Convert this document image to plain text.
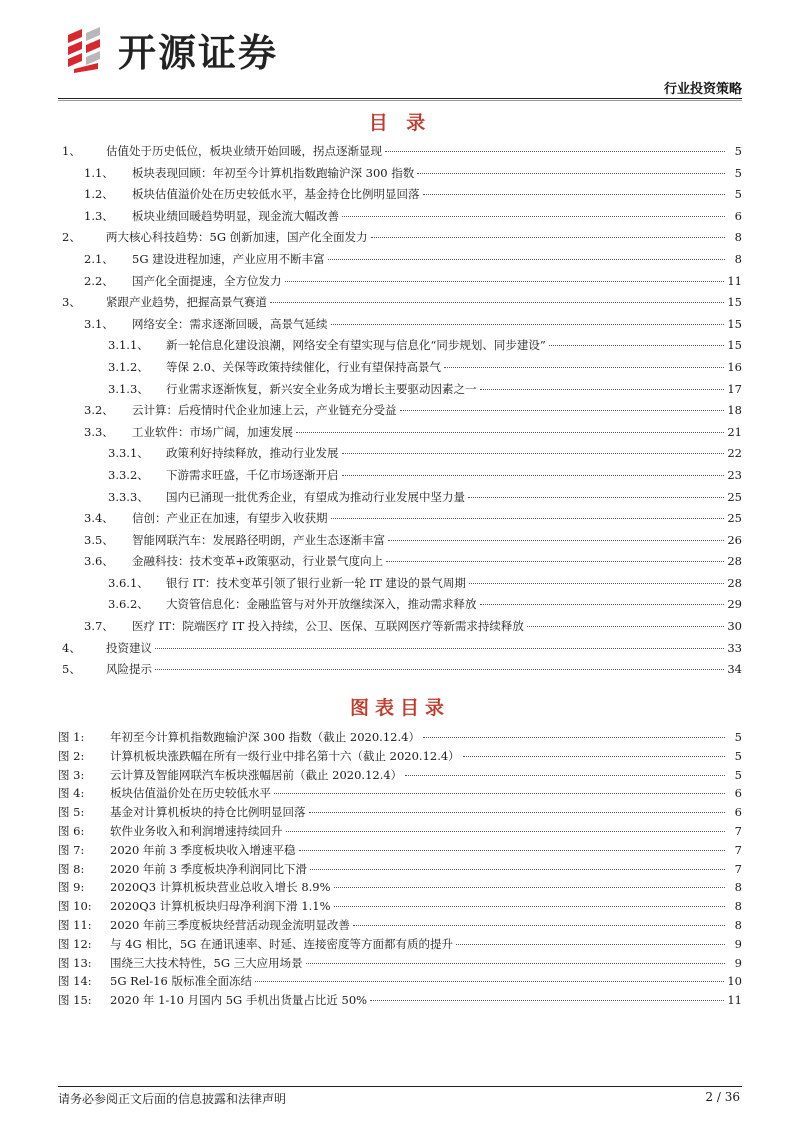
开源证券
行业投资策略
目 录
1、	估值处于历史低位，板块业绩开始回暖，拐点逐渐显现	5
1.1、	板块表现回顾：年初至今计算机指数跑输沪深 300 指数	5
1.2、	板块估值溢价处在历史较低水平，基金持仓比例明显回落	5
1.3、	板块业绩回暖趋势明显，现金流大幅改善	6
2、	两大核心科技趋势：5G 创新加速，国产化全面发力	8
2.1、	5G 建设进程加速，产业应用不断丰富	8
2.2、	国产化全面提速，全方位发力	11
3、	紧跟产业趋势，把握高景气赛道	15
3.1、	网络安全：需求逐渐回暖，高景气延续	15
3.1.1、	新一轮信息化建设浪潮，网络安全有望实现与信息化“同步规划、同步建设”	15
3.1.2、	等保 2.0、关保等政策持续催化，行业有望保持高景气	16
3.1.3、	行业需求逐渐恢复，新兴安全业务成为增长主要驱动因素之一	17
3.2、	云计算：后疫情时代企业加速上云，产业链充分受益	18
3.3、	工业软件：市场广阔，加速发展	21
3.3.1、	政策利好持续释放，推动行业发展	22
3.3.2、	下游需求旺盛，千亿市场逐渐开启	23
3.3.3、	国内已涌现一批优秀企业，有望成为推动行业发展中坚力量	25
3.4、	信创：产业正在加速，有望步入收获期	25
3.5、	智能网联汽车：发展路径明朗，产业生态逐渐丰富	26
3.6、	金融科技：技术变革+政策驱动，行业景气度向上	28
3.6.1、	银行 IT：技术变革引领了银行业新一轮 IT 建设的景气周期	28
3.6.2、	大资管信息化：金融监管与对外开放继续深入，推动需求释放	29
3.7、	医疗 IT：院端医疗 IT 投入持续，公卫、医保、互联网医疗等新需求持续释放	30
4、	投资建议	33
5、	风险提示	34
图表目录
图 1:	年初至今计算机指数跑输沪深 300 指数（截止 2020.12.4）	5
图 2:	计算机板块涨跌幅在所有一级行业中排名第十六（截止 2020.12.4）	5
图 3:	云计算及智能网联汽车板块涨幅居前（截止 2020.12.4）	5
图 4:	板块估值溢价处在历史较低水平	6
图 5:	基金对计算机板块的持仓比例明显回落	6
图 6:	软件业务收入和利润增速持续回升	7
图 7:	2020 年前 3 季度板块收入增速平稳	7
图 8:	2020 年前 3 季度板块净利润同比下滑	7
图 9:	2020Q3 计算机板块营业总收入增长 8.9%	8
图 10:	2020Q3 计算机板块归母净利润下滑 1.1%	8
图 11:	2020 年前三季度板块经营活动现金流明显改善	8
图 12:	与 4G 相比，5G 在通讯速率、时延、连接密度等方面都有质的提升	9
图 13:	围绕三大技术特性，5G 三大应用场景	9
图 14:	5G Rel-16 版标准全面冻结	10
图 15:	2020 年 1-10 月国内 5G 手机出货量占比近 50%	11
请务必参阅正文后面的信息披露和法律声明	2 / 36
